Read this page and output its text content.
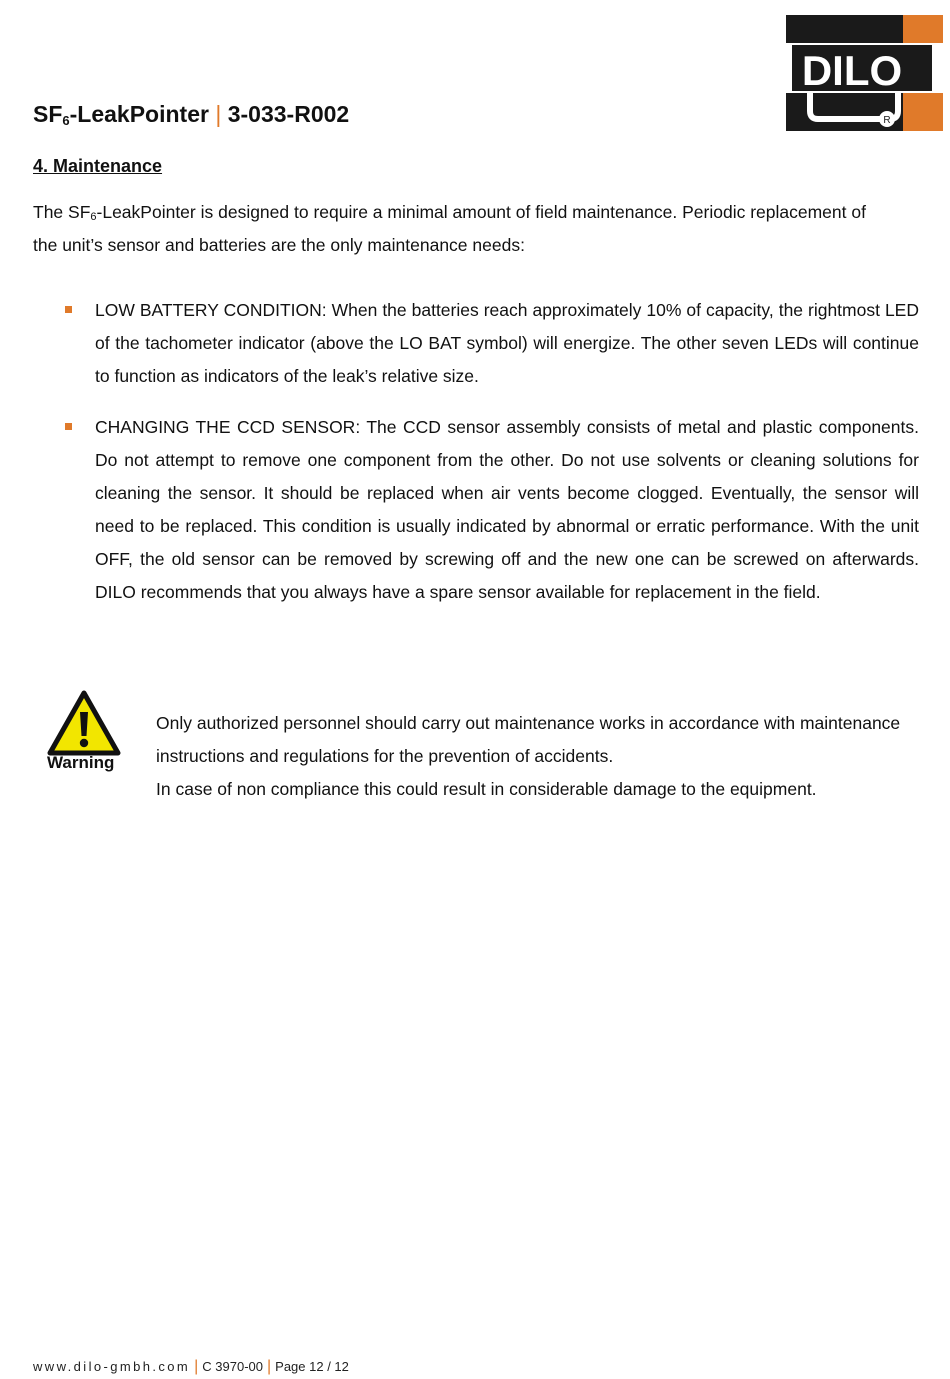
DILO
R
$SF_6$-LeakPointer | 3-033-R002
4. Maintenance
The $SF_6$-LeakPointer is designed to require a minimal amount of field maintenance. Periodic replacement of the unit’s sensor and batteries are the only maintenance needs:
LOW BATTERY CONDITION: When the batteries reach approximately 10% of capacity, the rightmost LED of the tachometer indicator (above the LO BAT symbol) will energize. The other seven LEDs will continue to function as indicators of the leak’s relative size.
CHANGING THE CCD SENSOR: The CCD sensor assembly consists of metal and plastic components. Do not attempt to remove one component from the other. Do not use solvents or cleaning solutions for cleaning the sensor. It should be replaced when air vents become clogged. Eventually, the sensor will need to be replaced. This condition is usually indicated by abnormal or erratic performance. With the unit OFF, the old sensor can be removed by screwing off and the new one can be screwed on afterwards. DILO recommends that you always have a spare sensor available for replacement in the field.
Warning

Only authorized personnel should carry out maintenance works in accordance with maintenance instructions and regulations for the prevention of accidents.

In case of non compliance this could result in considerable damage to the equipment.

www.dilo-gmbh.com | C 3970-00 | Page 12 / 12
